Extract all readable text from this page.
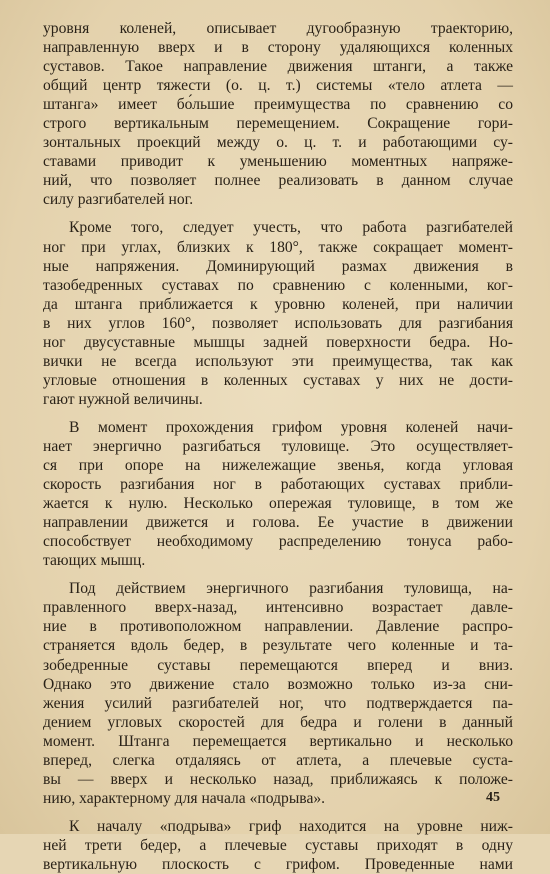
уровня коленей, описывает дугообразную траекторию,
направленную вверх и в сторону удаляющихся коленных
суставов. Такое направление движения штанги, а также
общий центр тяжести (о. ц. т.) системы «тело атлета —
штанга» имеет бо́льшие преимущества по сравнению со
строго вертикальным перемещением. Сокращение гори-
зонтальных проекций между о. ц. т. и работающими су-
ставами приводит к уменьшению моментных напряже-
ний, что позволяет полнее реализовать в данном случае
силу разгибателей ног.
Кроме того, следует учесть, что работа разгибателей
ног при углах, близких к 180°, также сокращает момент-
ные напряжения. Доминирующий размах движения в
тазобедренных суставах по сравнению с коленными, ког-
да штанга приближается к уровню коленей, при наличии
в них углов 160°, позволяет использовать для разгибания
ног двусуставные мышцы задней поверхности бедра. Но-
вички не всегда используют эти преимущества, так как
угловые отношения в коленных суставах у них не дости-
гают нужной величины.
В момент прохождения грифом уровня коленей начи-
нает энергично разгибаться туловище. Это осуществляет-
ся при опоре на нижележащие звенья, когда угловая
скорость разгибания ног в работающих суставах прибли-
жается к нулю. Несколько опережая туловище, в том же
направлении движется и голова. Ее участие в движении
способствует необходимому распределению тонуса рабо-
тающих мышц.
Под действием энергичного разгибания туловища, на-
правленного вверх-назад, интенсивно возрастает давле-
ние в противоположном направлении. Давление распро-
страняется вдоль бедер, в результате чего коленные и та-
зобедренные суставы перемещаются вперед и вниз.
Однако это движение стало возможно только из-за сни-
жения усилий разгибателей ног, что подтверждается па-
дением угловых скоростей для бедра и голени в данный
момент. Штанга перемещается вертикально и несколько
вперед, слегка отдаляясь от атлета, а плечевые суста-
вы — вверх и несколько назад, приближаясь к положе-
нию, характерному для начала «подрыва».
К началу «подрыва» гриф находится на уровне ниж-
ней трети бедер, а плечевые суставы приходят в одну
вертикальную плоскость с грифом. Проведенные нами
45
